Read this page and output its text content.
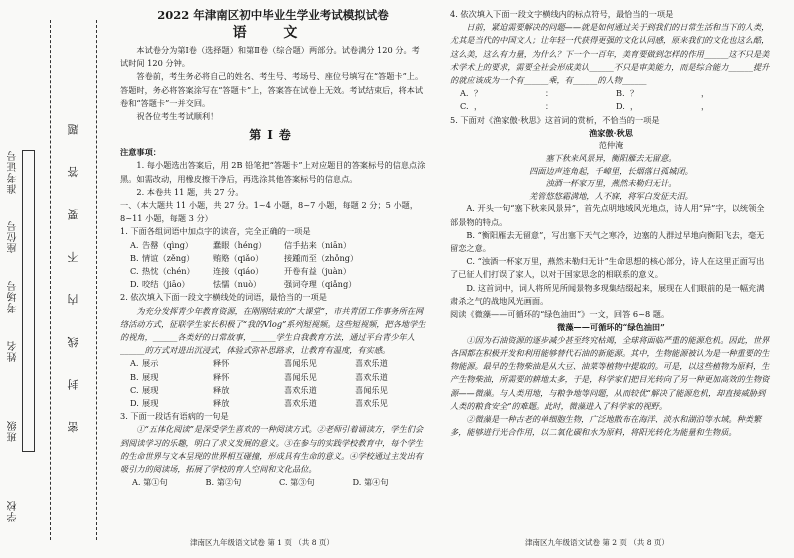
学校
班级
姓名
考场号
座位号
准考证号	密 封 线 内 不 要 答 题
2022 年津南区初中毕业生学业考试模拟试卷
语 文

本试卷分为第Ⅰ卷（选择题）和第Ⅱ卷（综合题）两部分。试卷满分 120 分。考试时间 120 分钟。

答卷前，考生务必将自己的姓名、考生号、考场号、座位号填写在“答题卡”上。答题时，务必将答案涂写在“答题卡”上，答案答在试卷上无效。考试结束后，将本试卷和“答题卡”一并交回。

祝各位考生考试顺利！

第Ⅰ卷

注意事项：

1. 每小题选出答案后，用 2B 铅笔把“答题卡”上对应题目的答案标号的信息点涂黑。如需改动，用橡皮擦干净后，再选涂其他答案标号的信息点。

2. 本卷共 11 题，共 27 分。

一、（本大题共 11 小题，共 27 分。1~4 小题，8~7 小题，每题 2 分；5 小题，8~11 小题，每题 3 分）

1. 下面各组词语中加点字的读音，完全正确的一项是

A. 告罄（qìng）	蠢眼（héng）	信手拈来（niān）
B. 情谊（zěng）	贿赂（qiǎo）	接踵而至（zhǒng）
C. 热忱（chén）	连接（qiáo）	开卷有益（juàn）
D. 咬结（jiāo）	怯懦（nuò）	强词夺理（qiǎng）

2. 依次填入下面一段文字横线处的词语，最恰当的一项是

为充分发挥青少年教育资源，在刚刚结束的“大课堂”，市共青团工作事务所在网络活动方式，征联学生家长积极了“我的Vlog”系列短视频。这些短视频，把各地学生的视角，______各类好的日常故事，______学生自我教育方法，通过平台青少年人______的方式对进出沉浸式，体验式弥补思路求，让教育有温度，有实感。

A. 展示	释怀	喜闻乐见	喜欢乐道
B. 展现	释怀	喜闻乐见	喜欢乐道
C. 展现	释放	喜欢乐道	喜闻乐见
D. 展现	释放	喜欢乐道	喜欢乐见

3. 下面一段话有语病的一句是

①“五体化阅读”是深受学生喜欢的一种阅读方式。②老师引着诵读方，学生们会到阅读学习的乐趣，明白了求义发展的意义。③在参与的实践学校教育中，每个学生的生命世界与文本呈现的世界相互碰撞，形成具有生命的意义。④学校通过主发出有吸引力的阅读场，拓展了学校的育人空间和文化品位。

A. 第①句	B. 第②句	C. 第③句	D. 第④句
津南区九年级语文试卷 第 1 页 （共 8 页）

4. 依次填入下面一段文字横线内的标点符号，最恰当的一项是

日前，紧迫需要解决的问题——就是如何通过关于到我们的日常生活和当下的人类，尤其是当代的中国文人；让年轻一代获得更强的文化认同感，原来我们的文化也这么酷，这么美，这么有力量，为什么？下一个一百年，美育要做到怎样的作用______这不只是美术学术上的要求，需要全社会形成美认______不只是审美能力，而是综合能力______提升的就应该成为一个有______乘，有______的人物______

A. ？	：	B. ？	，
C. ，	：	D. ，	，

5. 下面对《渔家傲·秋思》这首词的赏析，不恰当的一项是

渔家傲·秋思
范仲淹
塞下秋来风景异，衡阳雁去无留意。
四面边声连角起，千嶂里，长烟落日孤城闭。
浊酒一杯家万里，燕然未勒归无计。
羌管悠悠霜满地，人不寐，将军白发征夫泪。

A. 开头一句“塞下秋来风景异”，首先点明地域风光地点，诗人用“异”字，以统领全部景物的特点。

B. “衡阳雁去无留意”，写出塞下天气之寒冷，边塞的人群过早地向衡阳飞去，毫无留恋之意。

C. “浊酒一杯家万里，燕然未勒归无计”生命思想的核心部分，诗人在这里正面写出了已征人们打误了家人，以对于国家思念的相联系的意义。

D. 这首词中，词人将所见所闻景物多现集结缀起来，展现在人们眼前的是一幅充满肃杀之气的战地风光画面。

阅读《微藻——可循环的“绿色油田”》一文，回答 6~8 题。

微藻——可循环的“绿色油田”

①因为石油资源的逐步减少甚至终究枯竭，全球将面临严重的能源危机。因此，世界各国都在积极开发和利用能够替代石油的新能源。其中，生物能源被认为是一种重要的生物能源。最早的生物柴油是从大豆、油菜等植物中提取的。可是，以这些植物为原料，生产生物柴油，所需要的耕地太多，于是，科学家们把目光转向了另一种更加高效的生物资源——微藻。与人类用地，与粮争地等问题，从而较优“解决了能源危机，却直接威胁到人类的粮食安全”的难题。此时，微藻进入了科学家的视野。

②微藻是一种古老的单细胞生物，广泛地散布在海洋、淡水和湖泊等水域。种类繁多，能够进行光合作用，以二氧化碳和水为原料，将阳光转化为能量和生物质。

津南区九年级语文试卷 第 2 页 （共 8 页）
